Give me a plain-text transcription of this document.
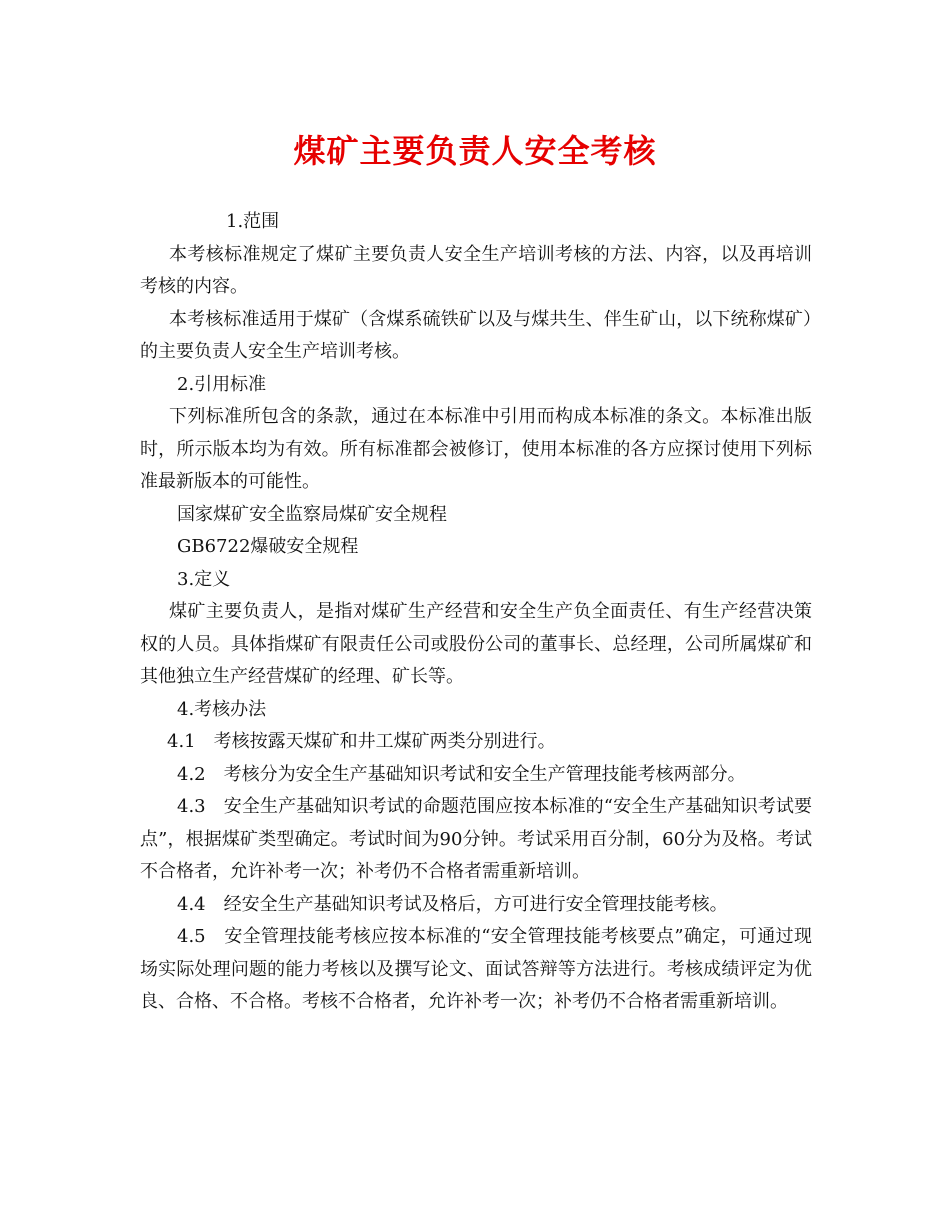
煤矿主要负责人安全考核

1.范围

本考核标准规定了煤矿主要负责人安全生产培训考核的方法、内容，以及再培训考核的内容。

本考核标准适用于煤矿（含煤系硫铁矿以及与煤共生、伴生矿山，以下统称煤矿）的主要负责人安全生产培训考核。

2.引用标准

下列标准所包含的条款，通过在本标准中引用而构成本标准的条文。本标准出版时，所示版本均为有效。所有标准都会被修订，使用本标准的各方应探讨使用下列标准最新版本的可能性。

国家煤矿安全监察局煤矿安全规程

GB6722爆破安全规程

3.定义

煤矿主要负责人，是指对煤矿生产经营和安全生产负全面责任、有生产经营决策权的人员。具体指煤矿有限责任公司或股份公司的董事长、总经理，公司所属煤矿和其他独立生产经营煤矿的经理、矿长等。

4.考核办法

4.1　考核按露天煤矿和井工煤矿两类分别进行。

4.2　考核分为安全生产基础知识考试和安全生产管理技能考核两部分。

4.3　安全生产基础知识考试的命题范围应按本标准的“安全生产基础知识考试要点”，根据煤矿类型确定。考试时间为90分钟。考试采用百分制，60分为及格。考试不合格者，允许补考一次；补考仍不合格者需重新培训。

4.4　经安全生产基础知识考试及格后，方可进行安全管理技能考核。

4.5　安全管理技能考核应按本标准的“安全管理技能考核要点”确定，可通过现场实际处理问题的能力考核以及撰写论文、面试答辩等方法进行。考核成绩评定为优良、合格、不合格。考核不合格者，允许补考一次；补考仍不合格者需重新培训。
